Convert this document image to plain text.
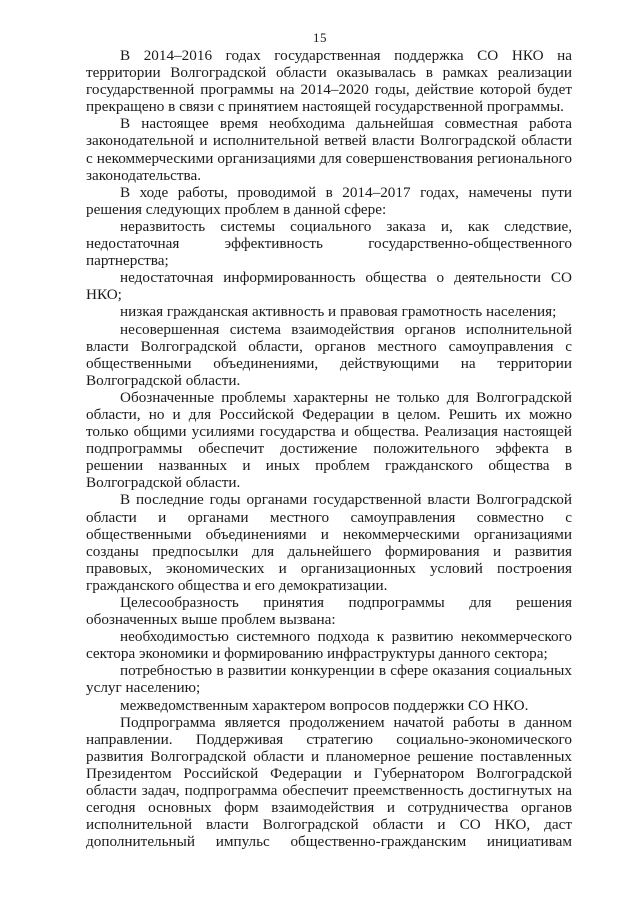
15

В 2014–2016 годах государственная поддержка СО НКО на территории Волгоградской области оказывалась в рамках реализации государственной программы на 2014–2020 годы, действие которой будет прекращено в связи с принятием настоящей государственной программы.

В настоящее время необходима дальнейшая совместная работа законодательной и исполнительной ветвей власти Волгоградской области с некоммерческими организациями для совершенствования регионального законодательства.

В ходе работы, проводимой в 2014–2017 годах, намечены пути решения следующих проблем в данной сфере:

неразвитость системы социального заказа и, как следствие, недостаточная эффективность государственно-общественного партнерства;

недостаточная информированность общества о деятельности СО НКО;

низкая гражданская активность и правовая грамотность населения;

несовершенная система взаимодействия органов исполнительной власти Волгоградской области, органов местного самоуправления с общественными объединениями, действующими на территории Волгоградской области.

Обозначенные проблемы характерны не только для Волгоградской области, но и для Российской Федерации в целом. Решить их можно только общими усилиями государства и общества. Реализация настоящей подпрограммы обеспечит достижение положительного эффекта в решении названных и иных проблем гражданского общества в Волгоградской области.

В последние годы органами государственной власти Волгоградской области и органами местного самоуправления совместно с общественными объединениями и некоммерческими организациями созданы предпосылки для дальнейшего формирования и развития правовых, экономических и организационных условий построения гражданского общества и его демократизации.

Целесообразность принятия подпрограммы для решения обозначенных выше проблем вызвана:

необходимостью системного подхода к развитию некоммерческого сектора экономики и формированию инфраструктуры данного сектора;

потребностью в развитии конкуренции в сфере оказания социальных услуг населению;

межведомственным характером вопросов поддержки СО НКО.

Подпрограмма является продолжением начатой работы в данном направлении. Поддерживая стратегию социально-экономического развития Волгоградской области и планомерное решение поставленных Президентом Российской Федерации и Губернатором Волгоградской области задач, подпрограмма обеспечит преемственность достигнутых на сегодня основных форм взаимодействия и сотрудничества органов исполнительной власти Волгоградской области и СО НКО, даст дополнительный импульс общественно-гражданским инициативам
